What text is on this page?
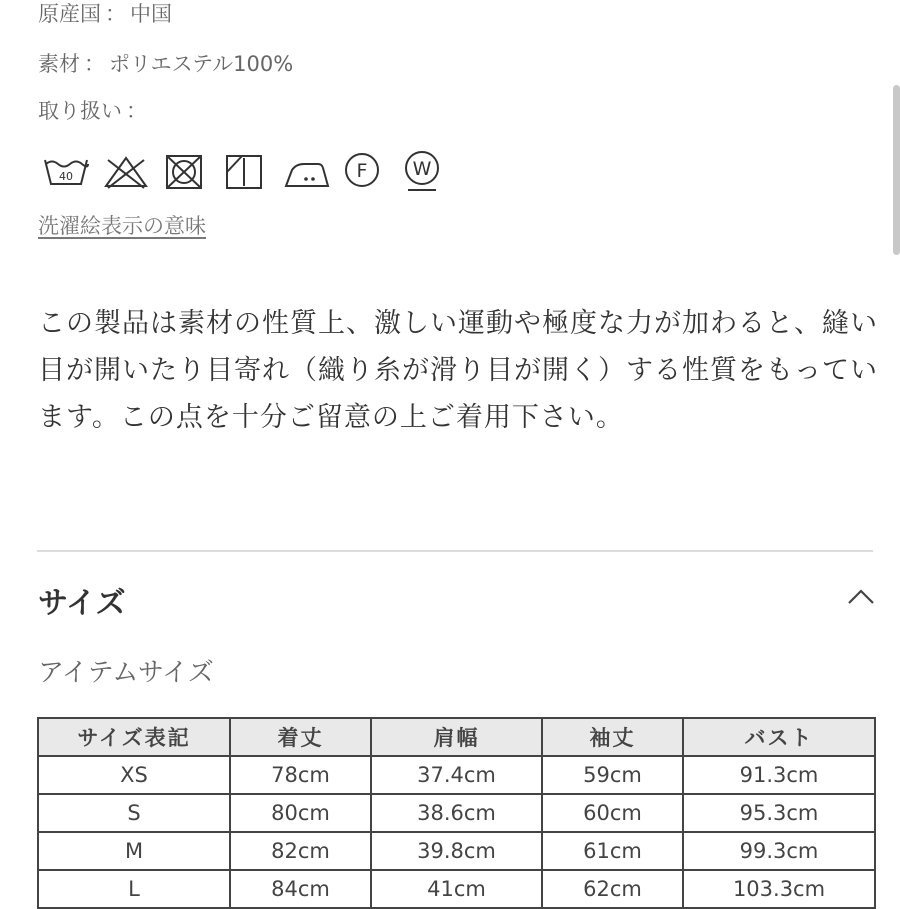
原産国 ： 中国
素材 ： ポリエステル100%
取り扱い ：
40	F W
洗濯絵表示の意味
この製品は素材の性質上、激しい運動や極度な力が加わると、縫い目が開いたり目寄れ（織り糸が滑り目が開く）する性質をもっています。この点を十分ご留意の上ご着用下さい。
サイズ
アイテムサイズ
サイズ表記	着丈	肩幅	袖丈	バスト
XS	78cm	37.4cm	59cm	91.3cm
S	80cm	38.6cm	60cm	95.3cm
M	82cm	39.8cm	61cm	99.3cm
L	84cm	41cm	62cm	103.3cm
